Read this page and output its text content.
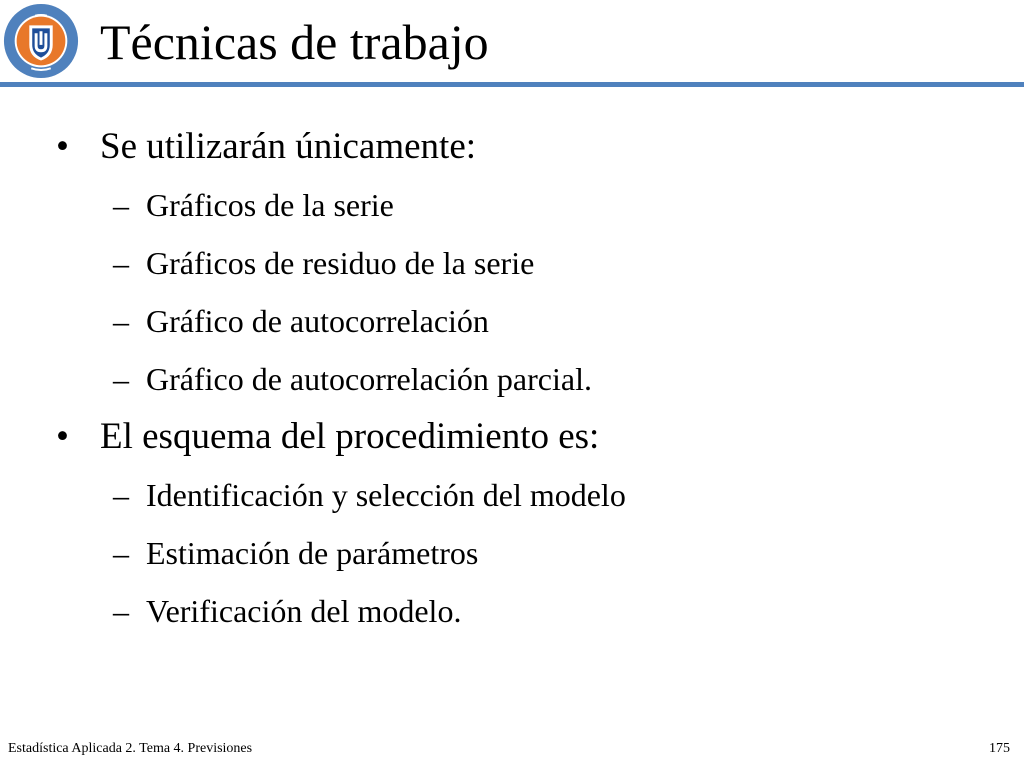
Técnicas de trabajo
• Se utilizarán únicamente:
– Gráficos de la serie
– Gráficos de residuo de la serie
– Gráfico de autocorrelación
– Gráfico de autocorrelación parcial.
• El esquema del procedimiento es:
– Identificación y selección del modelo
– Estimación de parámetros
– Verificación del modelo.
Estadística Aplicada 2. Tema 4. Previsiones	175
